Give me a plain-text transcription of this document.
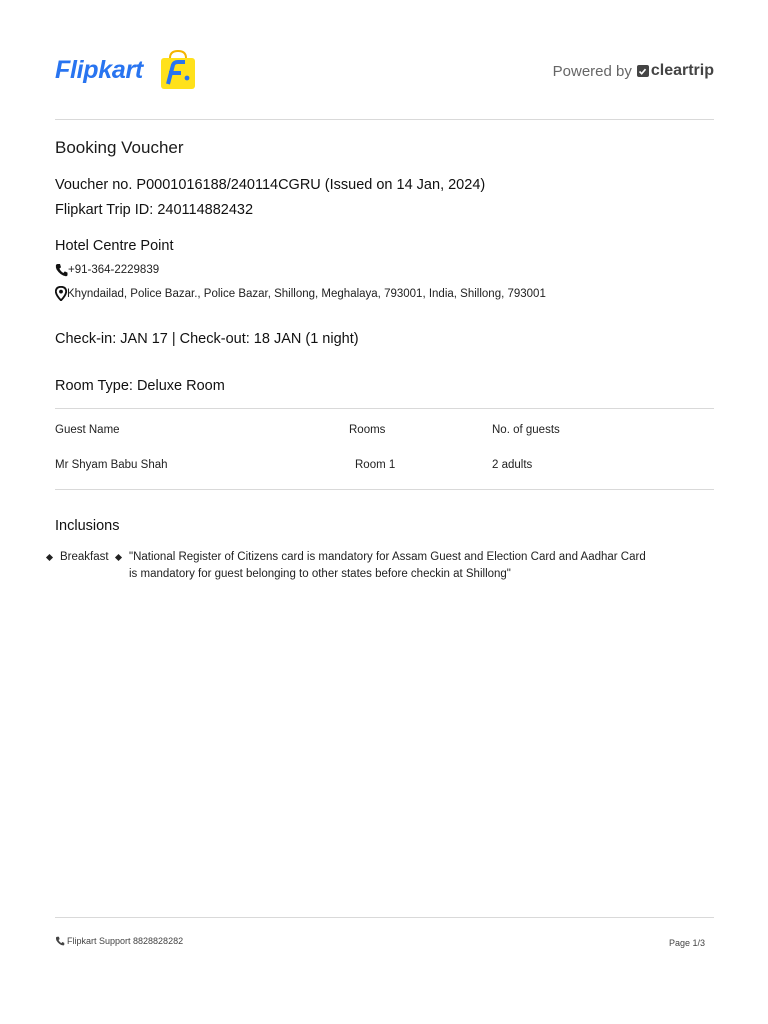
Flipkart	Powered by cleartrip
Booking Voucher
Voucher no. P0001016188/240114CGRU (Issued on 14 Jan, 2024)
Flipkart Trip ID: 240114882432
Hotel Centre Point
+91-364-2229839
Khyndailad, Police Bazar., Police Bazar, Shillong, Meghalaya, 793001, India, Shillong, 793001
Check-in: JAN 17 | Check-out: 18 JAN (1 night)
Room Type: Deluxe Room
Guest Name	Rooms	No. of guests
Mr Shyam Babu Shah	Room 1	2 adults
Inclusions
Breakfast "National Register of Citizens card is mandatory for Assam Guest and Election Card and Aadhar Card
is mandatory for guest belonging to other states before checkin at Shillong"
Flipkart Support 8828828282	Page 1/3
